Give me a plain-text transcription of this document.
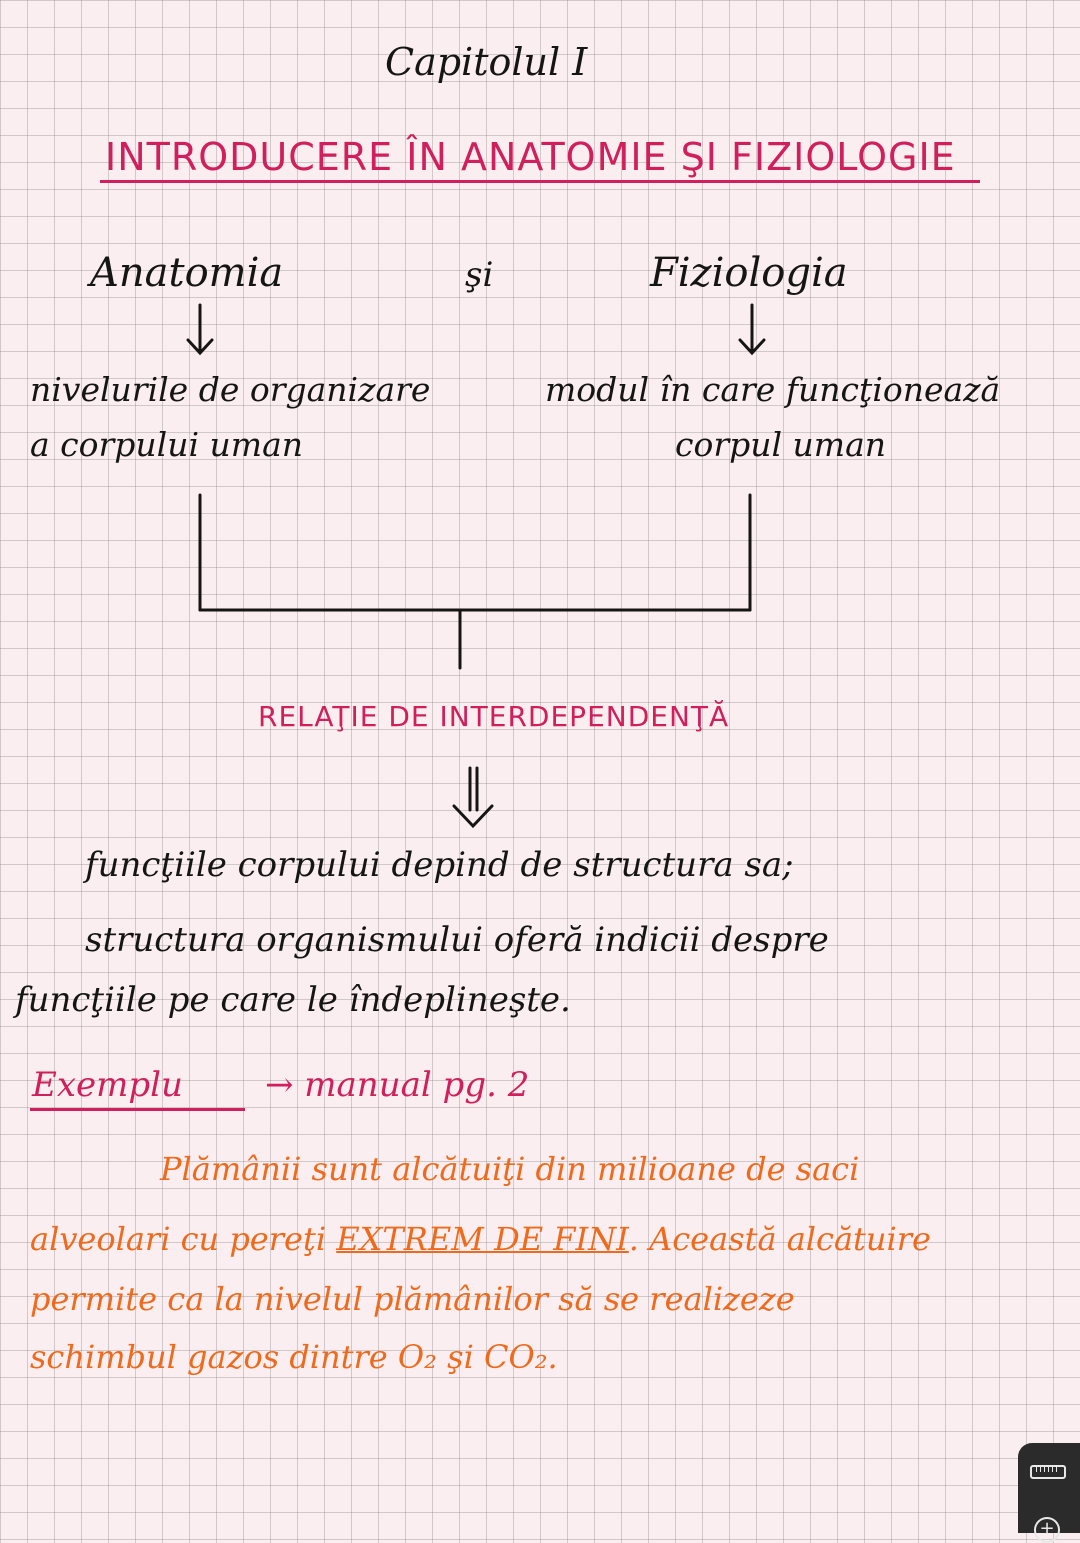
Capitolul I
INTRODUCERE ÎN ANATOMIE ŞI FIZIOLOGIE
Anatomia	şi	Fiziologia
nivelurile de organizare
a corpului uman
modul în care funcţionează
corpul uman
RELAŢIE DE INTERDEPENDENŢĂ
funcţiile corpului depind de structura sa;
structura organismului oferă indicii despre
funcţiile pe care le îndeplineşte.
Exemplu → manual pg. 2
Plămânii sunt alcătuiţi din milioane de saci
alveolari cu pereţi EXTREM DE FINI. Această alcătuire
permite ca la nivelul plămânilor să se realizeze
schimbul gazos dintre O₂ şi CO₂.
+
